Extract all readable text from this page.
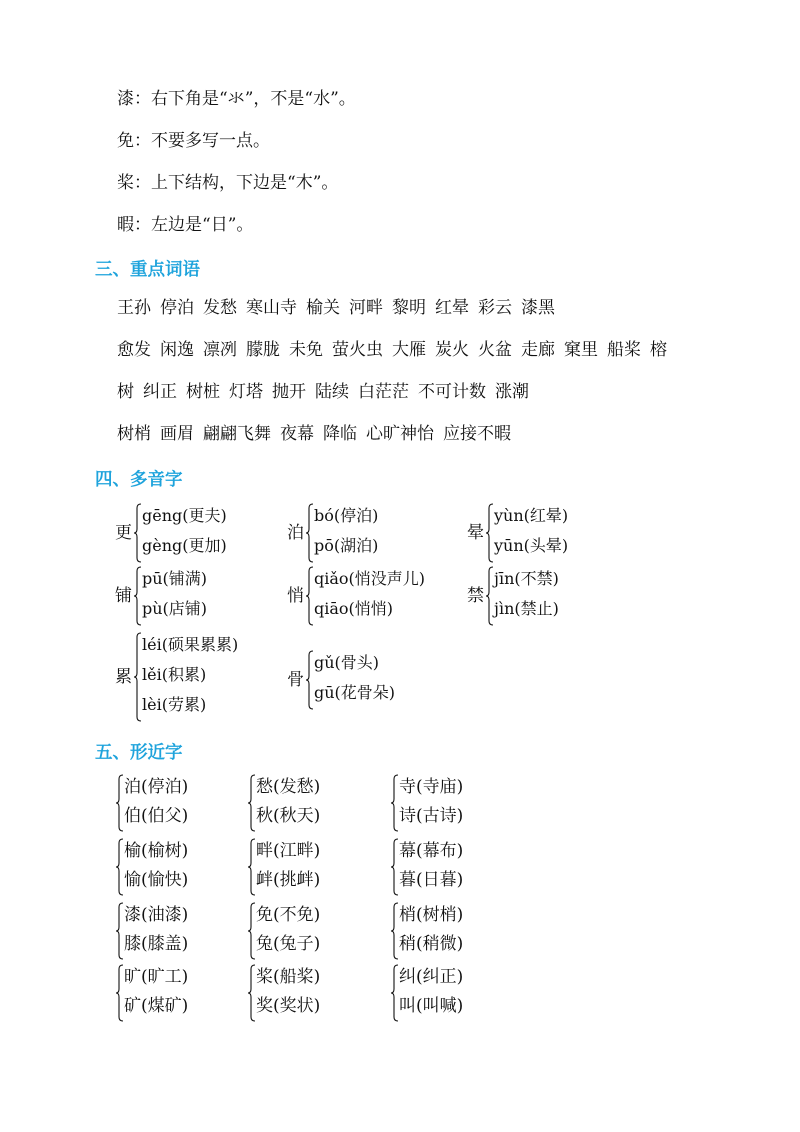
漆：右下角是“氺”，不是“水”。
免：不要多写一点。
桨：上下结构，下边是“木”。
暇：左边是“日”。
三、重点词语
王孙 停泊 发愁 寒山寺 榆关 河畔 黎明 红晕 彩云 漆黑
愈发 闲逸 凛冽 朦胧 未免 萤火虫 大雁 炭火 火盆 走廊 窠里 船桨 榕
树 纠正 树桩 灯塔 抛开 陆续 白茫茫 不可计数 涨潮
树梢 画眉 翩翩飞舞 夜幕 降临 心旷神怡 应接不暇
四、多音字
更
gēng(更夫)
gèng(更加)
泊
bó(停泊)
pō(湖泊)
晕
yùn(红晕)
yūn(头晕)
铺
pū(铺满)
pù(店铺)
悄
qiǎo(悄没声儿)
qiāo(悄悄)
禁
jīn(不禁)
jìn(禁止)
累
léi(硕果累累)
lěi(积累)
lèi(劳累)
骨
gǔ(骨头)
gū(花骨朵)
五、形近字
泊(停泊)
伯(伯父)
愁(发愁)
秋(秋天)
寺(寺庙)
诗(古诗)
榆(榆树)
愉(愉快)
畔(江畔)
衅(挑衅)
幕(幕布)
暮(日暮)
漆(油漆)
膝(膝盖)
免(不免)
兔(兔子)
梢(树梢)
稍(稍微)
旷(旷工)
矿(煤矿)
桨(船桨)
奖(奖状)
纠(纠正)
叫(叫喊)
